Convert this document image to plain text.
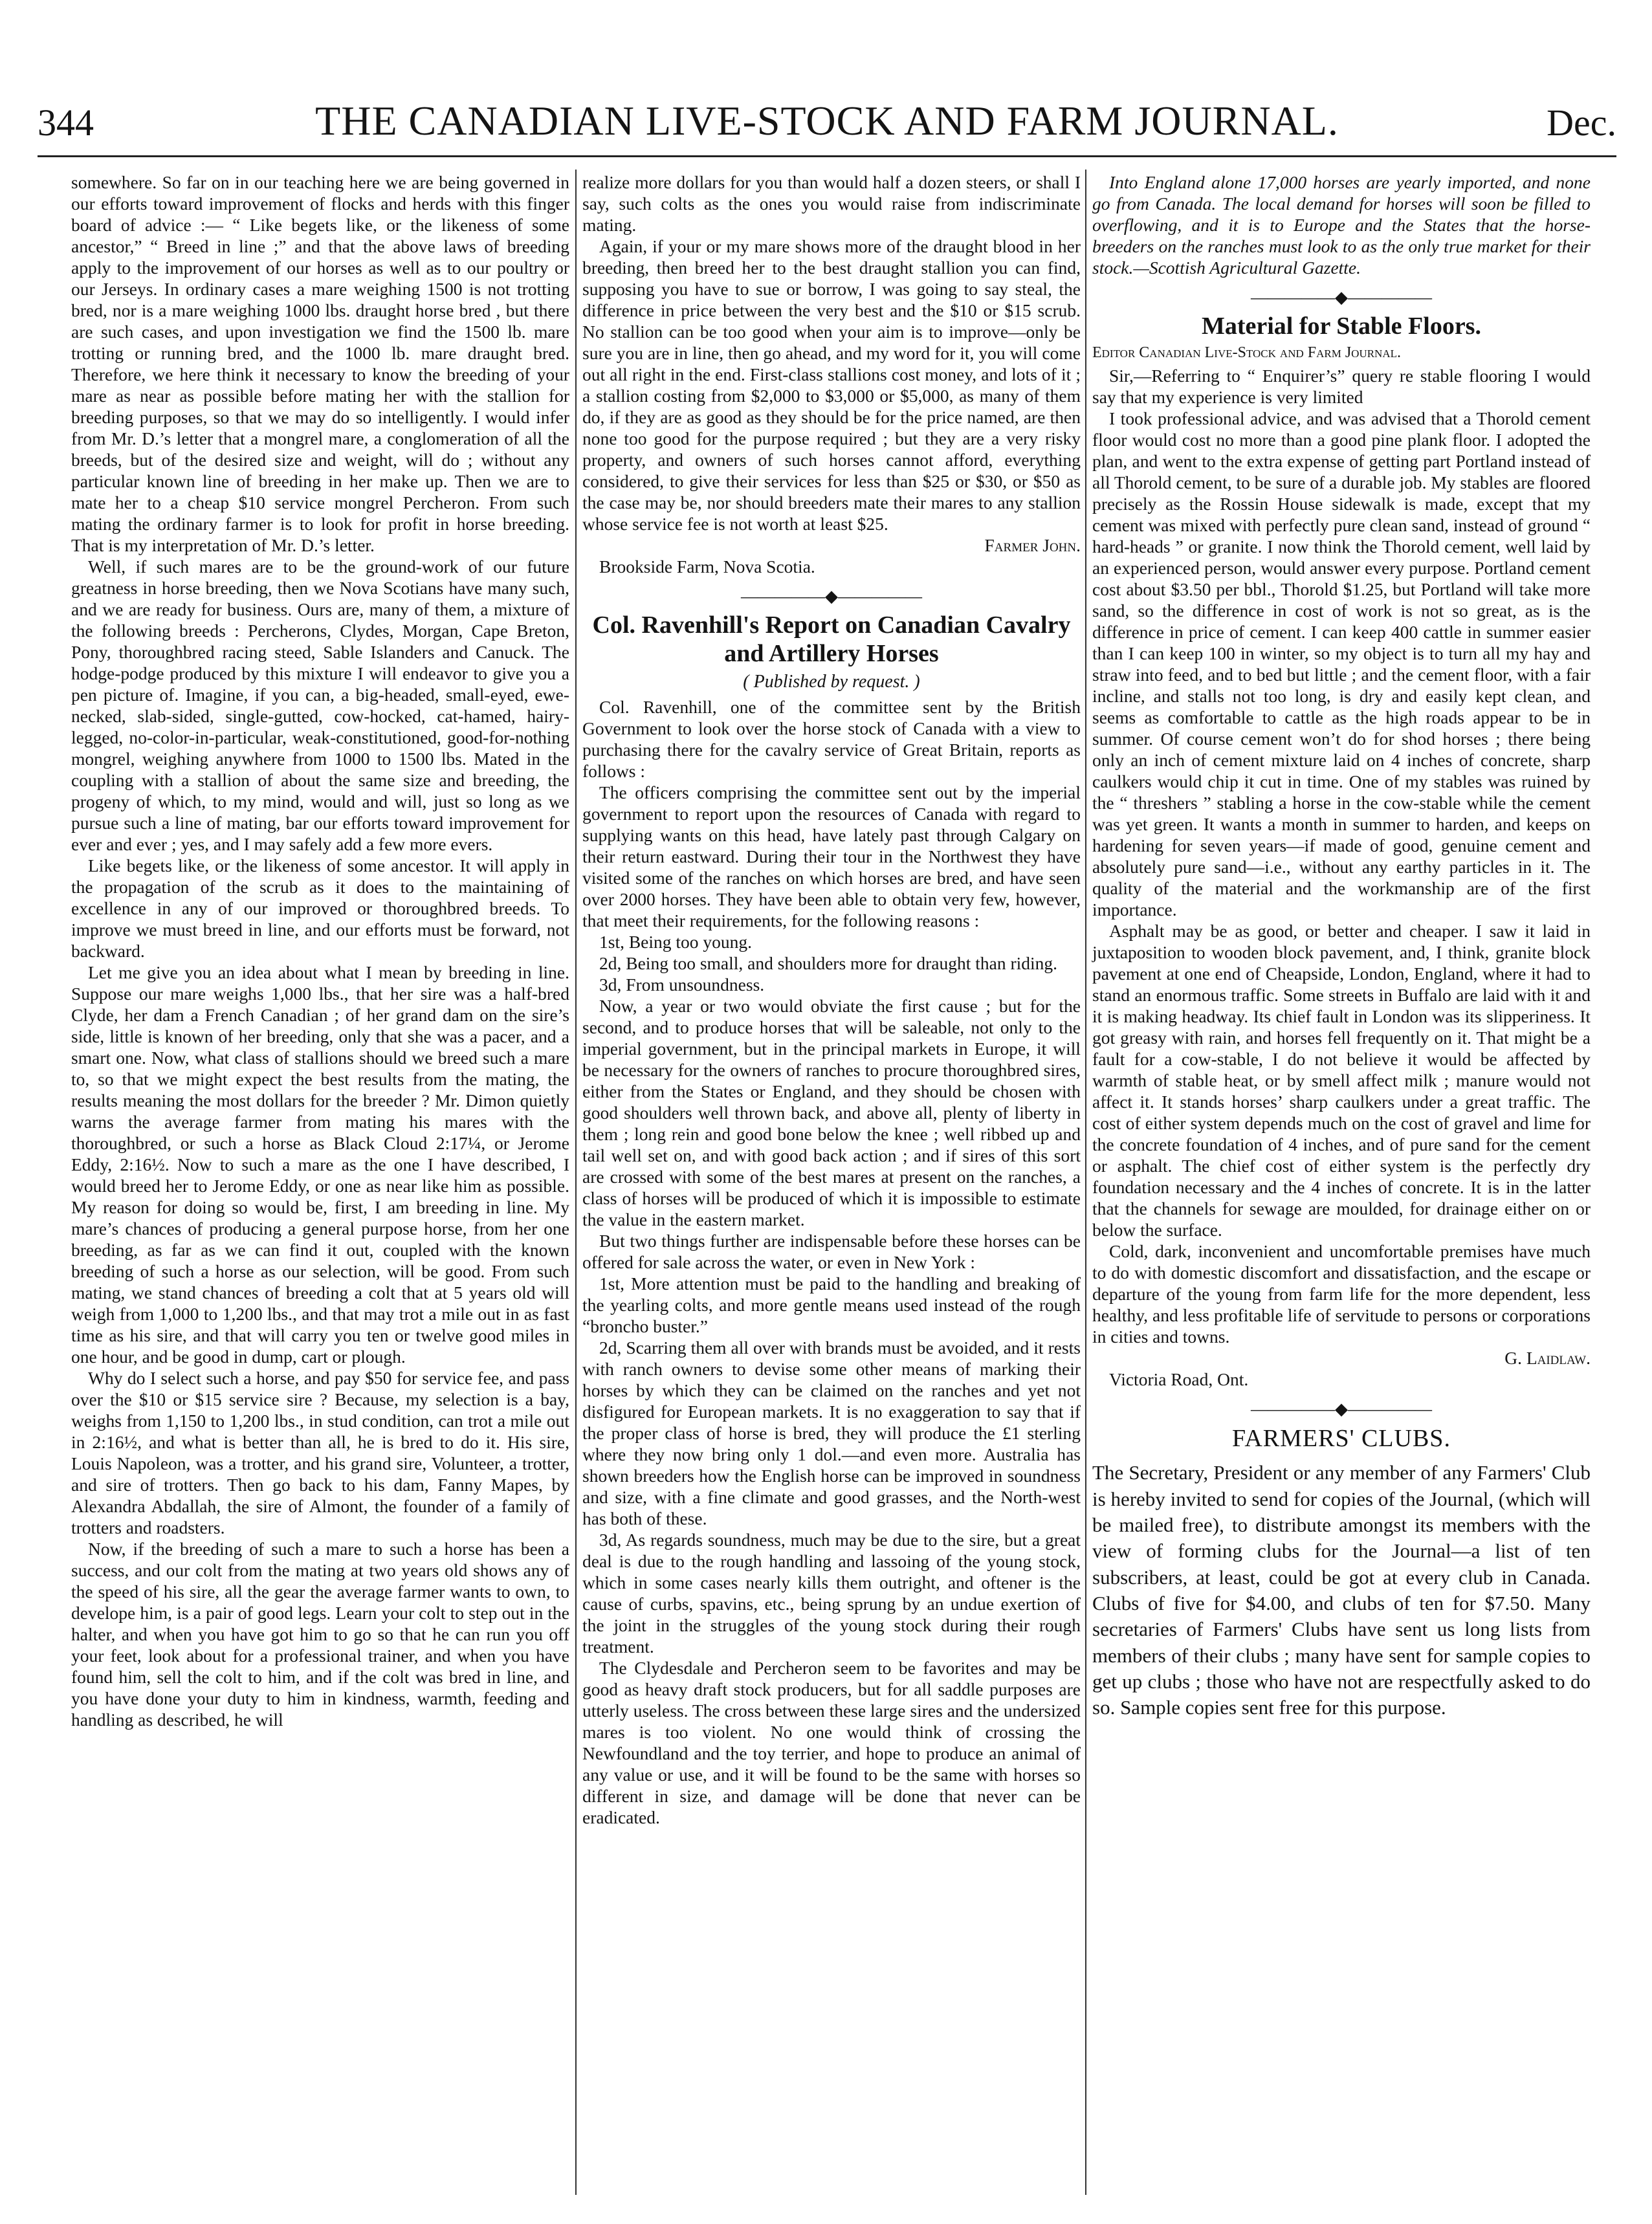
344	THE CANADIAN LIVE-STOCK AND FARM JOURNAL.	Dec.

somewhere. So far on in our teaching here we are being governed in our efforts toward improvement of flocks and herds with this finger board of advice :— “ Like begets like, or the likeness of some ancestor,” “ Breed in line ;” and that the above laws of breeding apply to the improvement of our horses as well as to our poultry or our Jerseys. In ordinary cases a mare weighing 1500 is not trotting bred, nor is a mare weighing 1000 lbs. draught horse bred , but there are such cases, and upon investigation we find the 1500 lb. mare trotting or running bred, and the 1000 lb. mare draught bred. Therefore, we here think it necessary to know the breeding of your mare as near as possible before mating her with the stallion for breeding purposes, so that we may do so intelligently. I would infer from Mr. D.’s letter that a mongrel mare, a conglomeration of all the breeds, but of the desired size and weight, will do ; without any particular known line of breeding in her make up. Then we are to mate her to a cheap $10 service mongrel Percheron. From such mating the ordinary farmer is to look for profit in horse breeding. That is my interpretation of Mr. D.’s letter.

Well, if such mares are to be the ground-work of our future greatness in horse breeding, then we Nova Scotians have many such, and we are ready for business. Ours are, many of them, a mixture of the following breeds : Percherons, Clydes, Morgan, Cape Breton, Pony, thoroughbred racing steed, Sable Islanders and Canuck. The hodge-podge produced by this mixture I will endeavor to give you a pen picture of. Imagine, if you can, a big-headed, small-eyed, ewe-necked, slab-sided, single-gutted, cow-hocked, cat-hamed, hairy-legged, no-color-in-particular, weak-constitutioned, good-for-nothing mongrel, weighing anywhere from 1000 to 1500 lbs. Mated in the coupling with a stallion of about the same size and breeding, the progeny of which, to my mind, would and will, just so long as we pursue such a line of mating, bar our efforts toward improvement for ever and ever ; yes, and I may safely add a few more evers.

Like begets like, or the likeness of some ancestor. It will apply in the propagation of the scrub as it does to the maintaining of excellence in any of our improved or thoroughbred breeds. To improve we must breed in line, and our efforts must be forward, not backward.

Let me give you an idea about what I mean by breeding in line. Suppose our mare weighs 1,000 lbs., that her sire was a half-bred Clyde, her dam a French Canadian ; of her grand dam on the sire’s side, little is known of her breeding, only that she was a pacer, and a smart one. Now, what class of stallions should we breed such a mare to, so that we might expect the best results from the mating, the results meaning the most dollars for the breeder ? Mr. Dimon quietly warns the average farmer from mating his mares with the thoroughbred, or such a horse as Black Cloud 2:17¼, or Jerome Eddy, 2:16½. Now to such a mare as the one I have described, I would breed her to Jerome Eddy, or one as near like him as possible. My reason for doing so would be, first, I am breeding in line. My mare’s chances of producing a general purpose horse, from her one breeding, as far as we can find it out, coupled with the known breeding of such a horse as our selection, will be good. From such mating, we stand chances of breeding a colt that at 5 years old will weigh from 1,000 to 1,200 lbs., and that may trot a mile out in as fast time as his sire, and that will carry you ten or twelve good miles in one hour, and be good in dump, cart or plough.

Why do I select such a horse, and pay $50 for service fee, and pass over the $10 or $15 service sire ? Because, my selection is a bay, weighs from 1,150 to 1,200 lbs., in stud condition, can trot a mile out in 2:16½, and what is better than all, he is bred to do it. His sire, Louis Napoleon, was a trotter, and his grand sire, Volunteer, a trotter, and sire of trotters. Then go back to his dam, Fanny Mapes, by Alexandra Abdallah, the sire of Almont, the founder of a family of trotters and roadsters.

Now, if the breeding of such a mare to such a horse has been a success, and our colt from the mating at two years old shows any of the speed of his sire, all the gear the average farmer wants to own, to develope him, is a pair of good legs. Learn your colt to step out in the halter, and when you have got him to go so that he can run you off your feet, look about for a professional trainer, and when you have found him, sell the colt to him, and if the colt was bred in line, and you have done your duty to him in kindness, warmth, feeding and handling as described, he will

realize more dollars for you than would half a dozen steers, or shall I say, such colts as the ones you would raise from indiscriminate mating.

Again, if your or my mare shows more of the draught blood in her breeding, then breed her to the best draught stallion you can find, supposing you have to sue or borrow, I was going to say steal, the difference in price between the very best and the $10 or $15 scrub. No stallion can be too good when your aim is to improve—only be sure you are in line, then go ahead, and my word for it, you will come out all right in the end. First-class stallions cost money, and lots of it ; a stallion costing from $2,000 to $3,000 or $5,000, as many of them do, if they are as good as they should be for the price named, are then none too good for the purpose required ; but they are a very risky property, and owners of such horses cannot afford, everything considered, to give their services for less than $25 or $30, or $50 as the case may be, nor should breeders mate their mares to any stallion whose service fee is not worth at least $25.

Farmer John.

Brookside Farm, Nova Scotia.

—————◆—————
Col. Ravenhill's Report on Canadian Cavalry and Artillery Horses
( Published by request. )

Col. Ravenhill, one of the committee sent by the British Government to look over the horse stock of Canada with a view to purchasing there for the cavalry service of Great Britain, reports as follows :

The officers comprising the committee sent out by the imperial government to report upon the resources of Canada with regard to supplying wants on this head, have lately past through Calgary on their return eastward. During their tour in the Northwest they have visited some of the ranches on which horses are bred, and have seen over 2000 horses. They have been able to obtain very few, however, that meet their requirements, for the following reasons :

1st, Being too young.

2d, Being too small, and shoulders more for draught than riding.

3d, From unsoundness.

Now, a year or two would obviate the first cause ; but for the second, and to produce horses that will be saleable, not only to the imperial government, but in the principal markets in Europe, it will be necessary for the owners of ranches to procure thoroughbred sires, either from the States or England, and they should be chosen with good shoulders well thrown back, and above all, plenty of liberty in them ; long rein and good bone below the knee ; well ribbed up and tail well set on, and with good back action ; and if sires of this sort are crossed with some of the best mares at present on the ranches, a class of horses will be produced of which it is impossible to estimate the value in the eastern market.

But two things further are indispensable before these horses can be offered for sale across the water, or even in New York :

1st, More attention must be paid to the handling and breaking of the yearling colts, and more gentle means used instead of the rough “broncho buster.”

2d, Scarring them all over with brands must be avoided, and it rests with ranch owners to devise some other means of marking their horses by which they can be claimed on the ranches and yet not disfigured for European markets. It is no exaggeration to say that if the proper class of horse is bred, they will produce the £1 sterling where they now bring only 1 dol.—and even more. Australia has shown breeders how the English horse can be improved in soundness and size, with a fine climate and good grasses, and the North-west has both of these.

3d, As regards soundness, much may be due to the sire, but a great deal is due to the rough handling and lassoing of the young stock, which in some cases nearly kills them outright, and oftener is the cause of curbs, spavins, etc., being sprung by an undue exertion of the joint in the struggles of the young stock during their rough treatment.

The Clydesdale and Percheron seem to be favorites and may be good as heavy draft stock producers, but for all saddle purposes are utterly useless. The cross between these large sires and the undersized mares is too violent. No one would think of crossing the Newfoundland and the toy terrier, and hope to produce an animal of any value or use, and it will be found to be the same with horses so different in size, and damage will be done that never can be eradicated.

Into England alone 17,000 horses are yearly imported, and none go from Canada. The local demand for horses will soon be filled to overflowing, and it is to Europe and the States that the horse-breeders on the ranches must look to as the only true market for their stock.—Scottish Agricultural Gazette.

—————◆—————
Material for Stable Floors.

Editor Canadian Live-Stock and Farm Journal.

Sir,—Referring to “ Enquirer’s” query re stable flooring I would say that my experience is very limited

I took professional advice, and was advised that a Thorold cement floor would cost no more than a good pine plank floor. I adopted the plan, and went to the extra expense of getting part Portland instead of all Thorold cement, to be sure of a durable job. My stables are floored precisely as the Rossin House sidewalk is made, except that my cement was mixed with perfectly pure clean sand, instead of ground “ hard-heads ” or granite. I now think the Thorold cement, well laid by an experienced person, would answer every purpose. Portland cement cost about $3.50 per bbl., Thorold $1.25, but Portland will take more sand, so the difference in cost of work is not so great, as is the difference in price of cement. I can keep 400 cattle in summer easier than I can keep 100 in winter, so my object is to turn all my hay and straw into feed, and to bed but little ; and the cement floor, with a fair incline, and stalls not too long, is dry and easily kept clean, and seems as comfortable to cattle as the high roads appear to be in summer. Of course cement won’t do for shod horses ; there being only an inch of cement mixture laid on 4 inches of concrete, sharp caulkers would chip it cut in time. One of my stables was ruined by the “ threshers ” stabling a horse in the cow-stable while the cement was yet green. It wants a month in summer to harden, and keeps on hardening for seven years—if made of good, genuine cement and absolutely pure sand—i.e., without any earthy particles in it. The quality of the material and the workmanship are of the first importance.

Asphalt may be as good, or better and cheaper. I saw it laid in juxtaposition to wooden block pavement, and, I think, granite block pavement at one end of Cheapside, London, England, where it had to stand an enormous traffic. Some streets in Buffalo are laid with it and it is making headway. Its chief fault in London was its slipperiness. It got greasy with rain, and horses fell frequently on it. That might be a fault for a cow-stable, I do not believe it would be affected by warmth of stable heat, or by smell affect milk ; manure would not affect it. It stands horses’ sharp caulkers under a great traffic. The cost of either system depends much on the cost of gravel and lime for the concrete foundation of 4 inches, and of pure sand for the cement or asphalt. The chief cost of either system is the perfectly dry foundation necessary and the 4 inches of concrete. It is in the latter that the channels for sewage are moulded, for drainage either on or below the surface.

Cold, dark, inconvenient and uncomfortable premises have much to do with domestic discomfort and dissatisfaction, and the escape or departure of the young from farm life for the more dependent, less healthy, and less profitable life of servitude to persons or corporations in cities and towns.

G. Laidlaw.

Victoria Road, Ont.

—————◆—————
FARMERS' CLUBS.
The Secretary, President or any member of any Farmers' Club is hereby invited to send for copies of the Journal, (which will be mailed free), to distribute amongst its members with the view of forming clubs for the Journal—a list of ten subscribers, at least, could be got at every club in Canada. Clubs of five for $4.00, and clubs of ten for $7.50. Many secretaries of Farmers' Clubs have sent us long lists from members of their clubs ; many have sent for sample copies to get up clubs ; those who have not are respectfully asked to do so. Sample copies sent free for this purpose.
